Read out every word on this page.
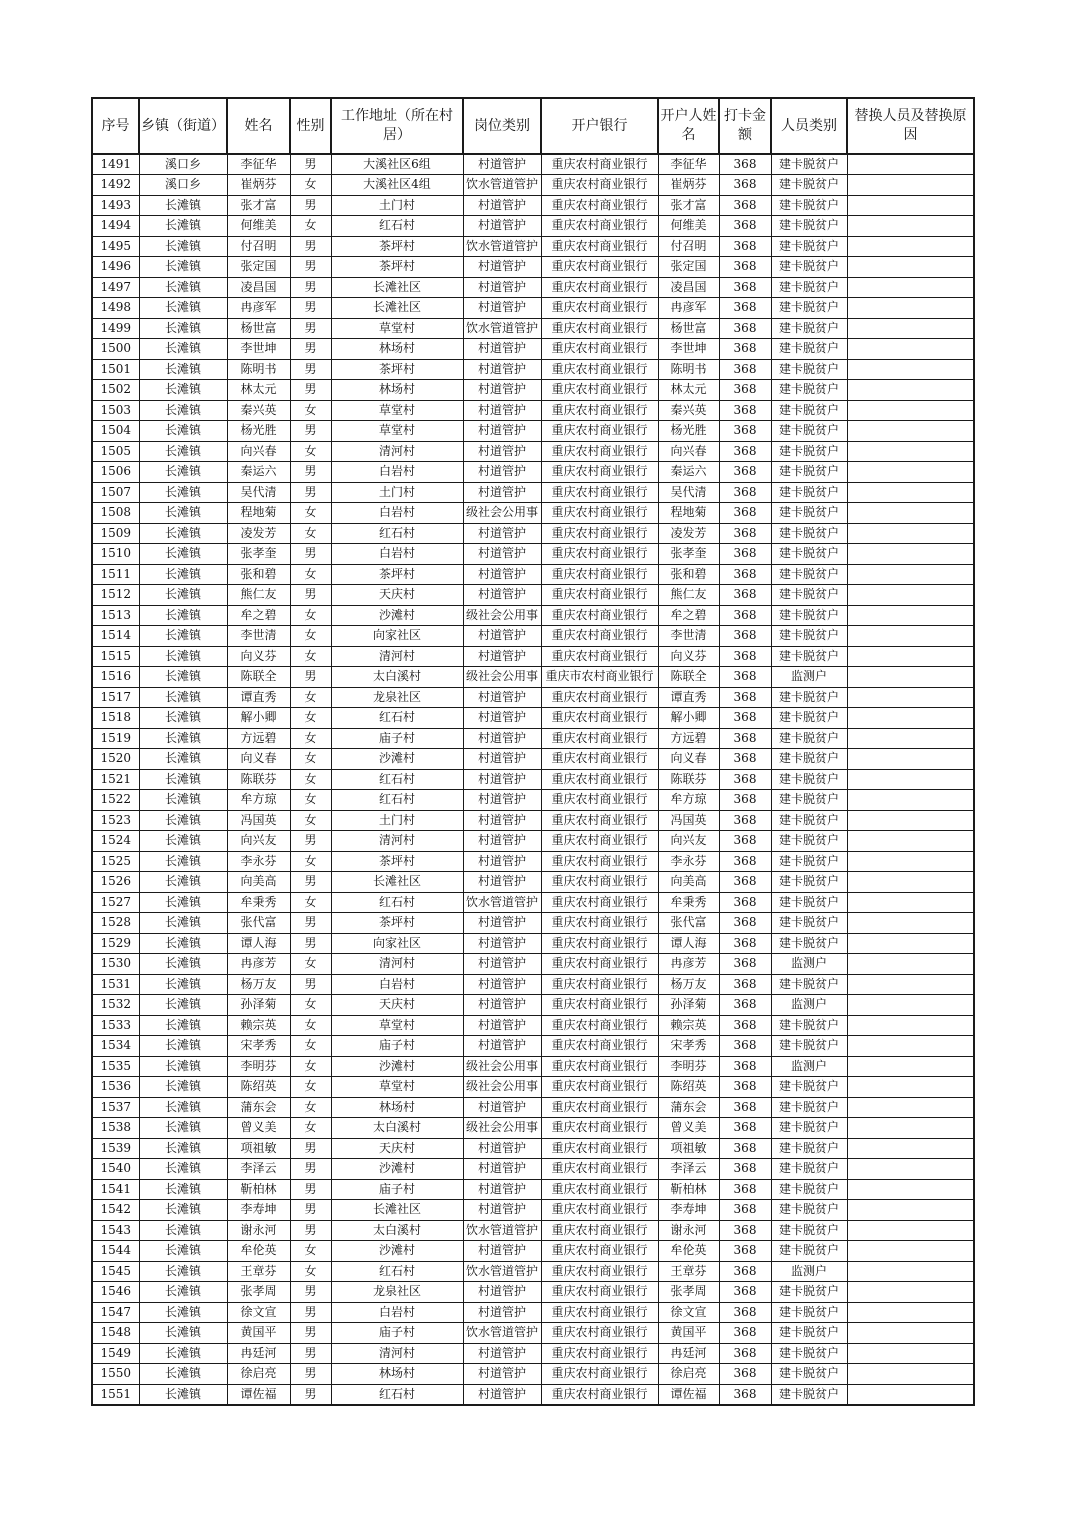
序号	乡镇（街道）	姓名	性别	工作地址（所在村居）	岗位类别	开户银行	开户人姓名	打卡金额	人员类别	替换人员及替换原因
1491	溪口乡	李征华	男	大溪社区6组	村道管护	重庆农村商业银行	李征华	368	建卡脱贫户	
1492	溪口乡	崔炳芬	女	大溪社区4组	饮水管道管护	重庆农村商业银行	崔炳芬	368	建卡脱贫户	
1493	长滩镇	张才富	男	土门村	村道管护	重庆农村商业银行	张才富	368	建卡脱贫户	
1494	长滩镇	何维美	女	红石村	村道管护	重庆农村商业银行	何维美	368	建卡脱贫户	
1495	长滩镇	付召明	男	茶坪村	饮水管道管护	重庆农村商业银行	付召明	368	建卡脱贫户	
1496	长滩镇	张定国	男	茶坪村	村道管护	重庆农村商业银行	张定国	368	建卡脱贫户	
1497	长滩镇	凌昌国	男	长滩社区	村道管护	重庆农村商业银行	凌昌国	368	建卡脱贫户	
1498	长滩镇	冉彦军	男	长滩社区	村道管护	重庆农村商业银行	冉彦军	368	建卡脱贫户	
1499	长滩镇	杨世富	男	草堂村	饮水管道管护	重庆农村商业银行	杨世富	368	建卡脱贫户	
1500	长滩镇	李世坤	男	林场村	村道管护	重庆农村商业银行	李世坤	368	建卡脱贫户	
1501	长滩镇	陈明书	男	茶坪村	村道管护	重庆农村商业银行	陈明书	368	建卡脱贫户	
1502	长滩镇	林太元	男	林场村	村道管护	重庆农村商业银行	林太元	368	建卡脱贫户	
1503	长滩镇	秦兴英	女	草堂村	村道管护	重庆农村商业银行	秦兴英	368	建卡脱贫户	
1504	长滩镇	杨光胜	男	草堂村	村道管护	重庆农村商业银行	杨光胜	368	建卡脱贫户	
1505	长滩镇	向兴春	女	清河村	村道管护	重庆农村商业银行	向兴春	368	建卡脱贫户	
1506	长滩镇	秦运六	男	白岩村	村道管护	重庆农村商业银行	秦运六	368	建卡脱贫户	
1507	长滩镇	吴代清	男	土门村	村道管护	重庆农村商业银行	吴代清	368	建卡脱贫户	
1508	长滩镇	程地菊	女	白岩村	级社会公用事	重庆农村商业银行	程地菊	368	建卡脱贫户	
1509	长滩镇	凌发芳	女	红石村	村道管护	重庆农村商业银行	凌发芳	368	建卡脱贫户	
1510	长滩镇	张孝奎	男	白岩村	村道管护	重庆农村商业银行	张孝奎	368	建卡脱贫户	
1511	长滩镇	张和碧	女	茶坪村	村道管护	重庆农村商业银行	张和碧	368	建卡脱贫户	
1512	长滩镇	熊仁友	男	天庆村	村道管护	重庆农村商业银行	熊仁友	368	建卡脱贫户	
1513	长滩镇	牟之碧	女	沙滩村	级社会公用事	重庆农村商业银行	牟之碧	368	建卡脱贫户	
1514	长滩镇	李世清	女	向家社区	村道管护	重庆农村商业银行	李世清	368	建卡脱贫户	
1515	长滩镇	向义芬	女	清河村	村道管护	重庆农村商业银行	向义芬	368	建卡脱贫户	
1516	长滩镇	陈联全	男	太白溪村	级社会公用事	重庆市农村商业银行	陈联全	368	监测户	
1517	长滩镇	谭直秀	女	龙泉社区	村道管护	重庆农村商业银行	谭直秀	368	建卡脱贫户	
1518	长滩镇	解小卿	女	红石村	村道管护	重庆农村商业银行	解小卿	368	建卡脱贫户	
1519	长滩镇	方远碧	女	庙子村	村道管护	重庆农村商业银行	方远碧	368	建卡脱贫户	
1520	长滩镇	向义春	女	沙滩村	村道管护	重庆农村商业银行	向义春	368	建卡脱贫户	
1521	长滩镇	陈联芬	女	红石村	村道管护	重庆农村商业银行	陈联芬	368	建卡脱贫户	
1522	长滩镇	牟方琼	女	红石村	村道管护	重庆农村商业银行	牟方琼	368	建卡脱贫户	
1523	长滩镇	冯国英	女	土门村	村道管护	重庆农村商业银行	冯国英	368	建卡脱贫户	
1524	长滩镇	向兴友	男	清河村	村道管护	重庆农村商业银行	向兴友	368	建卡脱贫户	
1525	长滩镇	李永芬	女	茶坪村	村道管护	重庆农村商业银行	李永芬	368	建卡脱贫户	
1526	长滩镇	向美高	男	长滩社区	村道管护	重庆农村商业银行	向美高	368	建卡脱贫户	
1527	长滩镇	牟秉秀	女	红石村	饮水管道管护	重庆农村商业银行	牟秉秀	368	建卡脱贫户	
1528	长滩镇	张代富	男	茶坪村	村道管护	重庆农村商业银行	张代富	368	建卡脱贫户	
1529	长滩镇	谭人海	男	向家社区	村道管护	重庆农村商业银行	谭人海	368	建卡脱贫户	
1530	长滩镇	冉彦芳	女	清河村	村道管护	重庆农村商业银行	冉彦芳	368	监测户	
1531	长滩镇	杨万友	男	白岩村	村道管护	重庆农村商业银行	杨万友	368	建卡脱贫户	
1532	长滩镇	孙泽菊	女	天庆村	村道管护	重庆农村商业银行	孙泽菊	368	监测户	
1533	长滩镇	赖宗英	女	草堂村	村道管护	重庆农村商业银行	赖宗英	368	建卡脱贫户	
1534	长滩镇	宋孝秀	女	庙子村	村道管护	重庆农村商业银行	宋孝秀	368	建卡脱贫户	
1535	长滩镇	李明芬	女	沙滩村	级社会公用事	重庆农村商业银行	李明芬	368	监测户	
1536	长滩镇	陈绍英	女	草堂村	级社会公用事	重庆农村商业银行	陈绍英	368	建卡脱贫户	
1537	长滩镇	蒲东会	女	林场村	村道管护	重庆农村商业银行	蒲东会	368	建卡脱贫户	
1538	长滩镇	曾义美	女	太白溪村	级社会公用事	重庆农村商业银行	曾义美	368	建卡脱贫户	
1539	长滩镇	项祖敏	男	天庆村	村道管护	重庆农村商业银行	项祖敏	368	建卡脱贫户	
1540	长滩镇	李泽云	男	沙滩村	村道管护	重庆农村商业银行	李泽云	368	建卡脱贫户	
1541	长滩镇	靳柏林	男	庙子村	村道管护	重庆农村商业银行	靳柏林	368	建卡脱贫户	
1542	长滩镇	李寿坤	男	长滩社区	村道管护	重庆农村商业银行	李寿坤	368	建卡脱贫户	
1543	长滩镇	谢永河	男	太白溪村	饮水管道管护	重庆农村商业银行	谢永河	368	建卡脱贫户	
1544	长滩镇	牟伦英	女	沙滩村	村道管护	重庆农村商业银行	牟伦英	368	建卡脱贫户	
1545	长滩镇	王章芬	女	红石村	饮水管道管护	重庆农村商业银行	王章芬	368	监测户	
1546	长滩镇	张孝周	男	龙泉社区	村道管护	重庆农村商业银行	张孝周	368	建卡脱贫户	
1547	长滩镇	徐文宣	男	白岩村	村道管护	重庆农村商业银行	徐文宣	368	建卡脱贫户	
1548	长滩镇	黄国平	男	庙子村	饮水管道管护	重庆农村商业银行	黄国平	368	建卡脱贫户	
1549	长滩镇	冉廷河	男	清河村	村道管护	重庆农村商业银行	冉廷河	368	建卡脱贫户	
1550	长滩镇	徐启亮	男	林场村	村道管护	重庆农村商业银行	徐启亮	368	建卡脱贫户	
1551	长滩镇	谭佐福	男	红石村	村道管护	重庆农村商业银行	谭佐福	368	建卡脱贫户	
